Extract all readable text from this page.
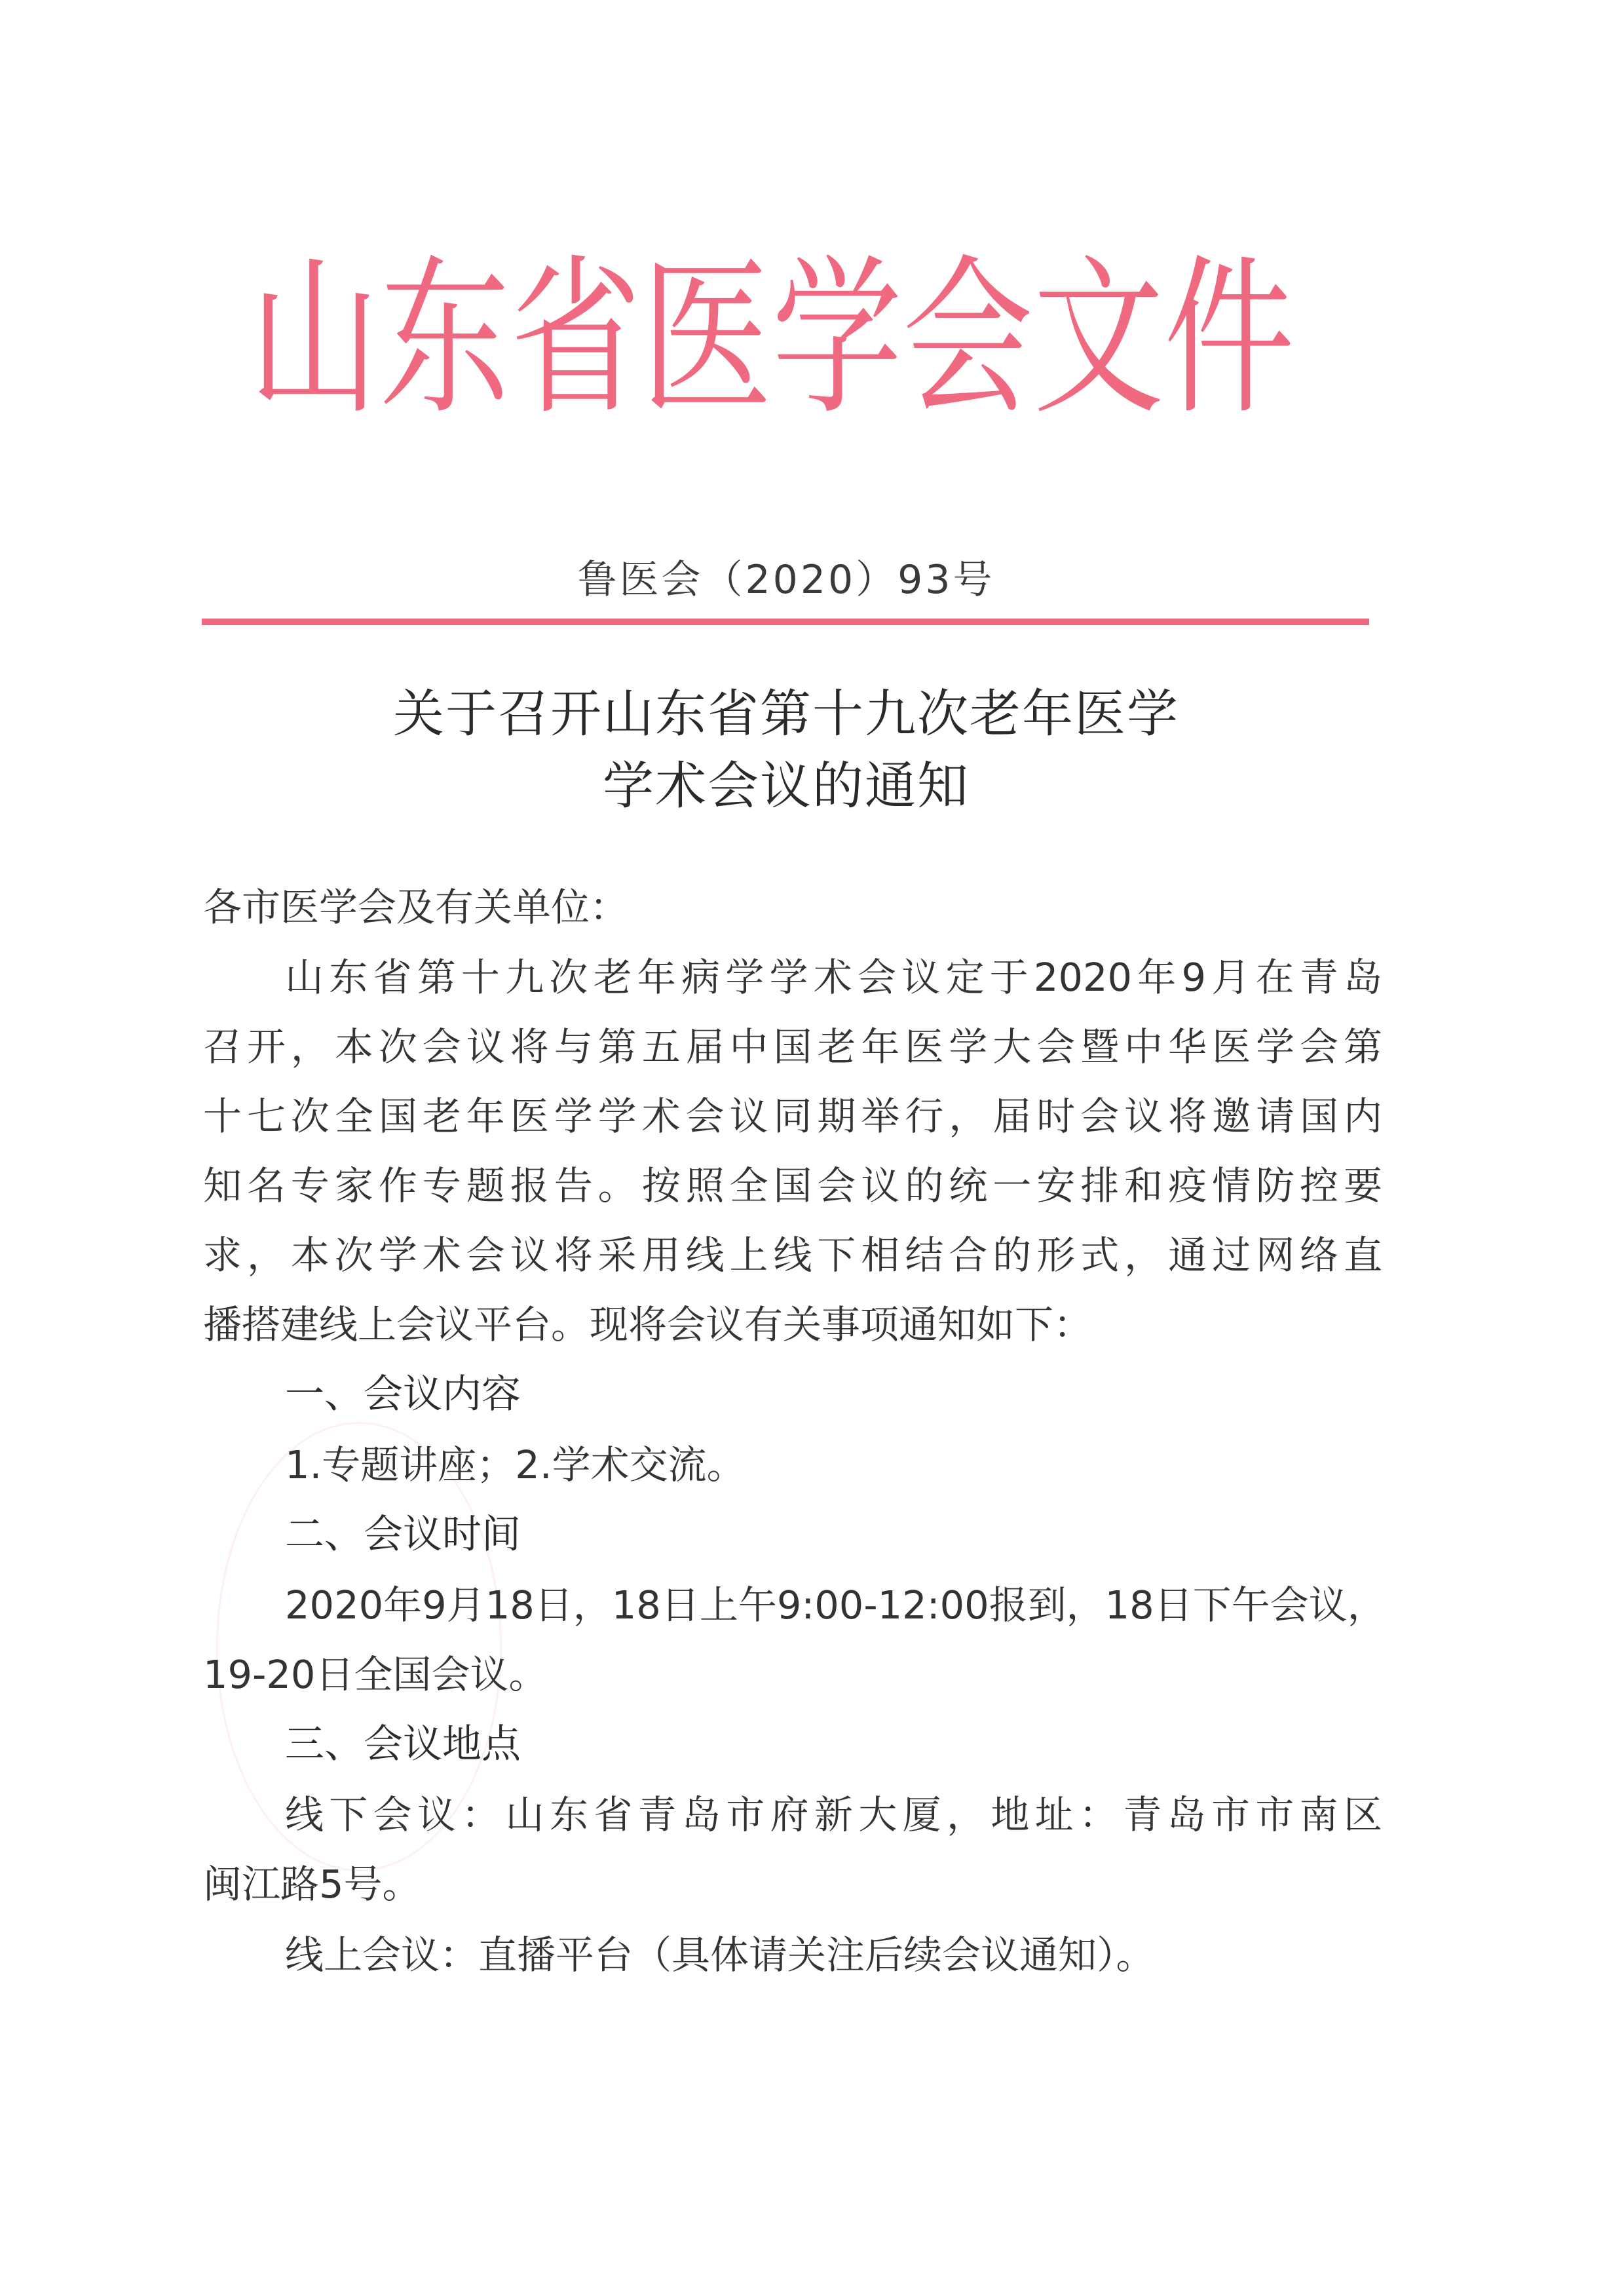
山东省医学会文件
鲁医会（2020）93号
关于召开山东省第十九次老年医学
学术会议的通知
各市医学会及有关单位：
山东省第十九次老年病学学术会议定于2020年9月在青岛
召开，本次会议将与第五届中国老年医学大会暨中华医学会第
十七次全国老年医学学术会议同期举行，届时会议将邀请国内
知名专家作专题报告。按照全国会议的统一安排和疫情防控要
求，本次学术会议将采用线上线下相结合的形式，通过网络直
播搭建线上会议平台。现将会议有关事项通知如下：
一、会议内容
1.专题讲座；2.学术交流。
二、会议时间
2020年9月18日，18日上午9:00-12:00报到，18日下午会议，
19-20日全国会议。
三、会议地点
线下会议：山东省青岛市府新大厦，地址：青岛市市南区
闽江路5号。
线上会议：直播平台（具体请关注后续会议通知）。
